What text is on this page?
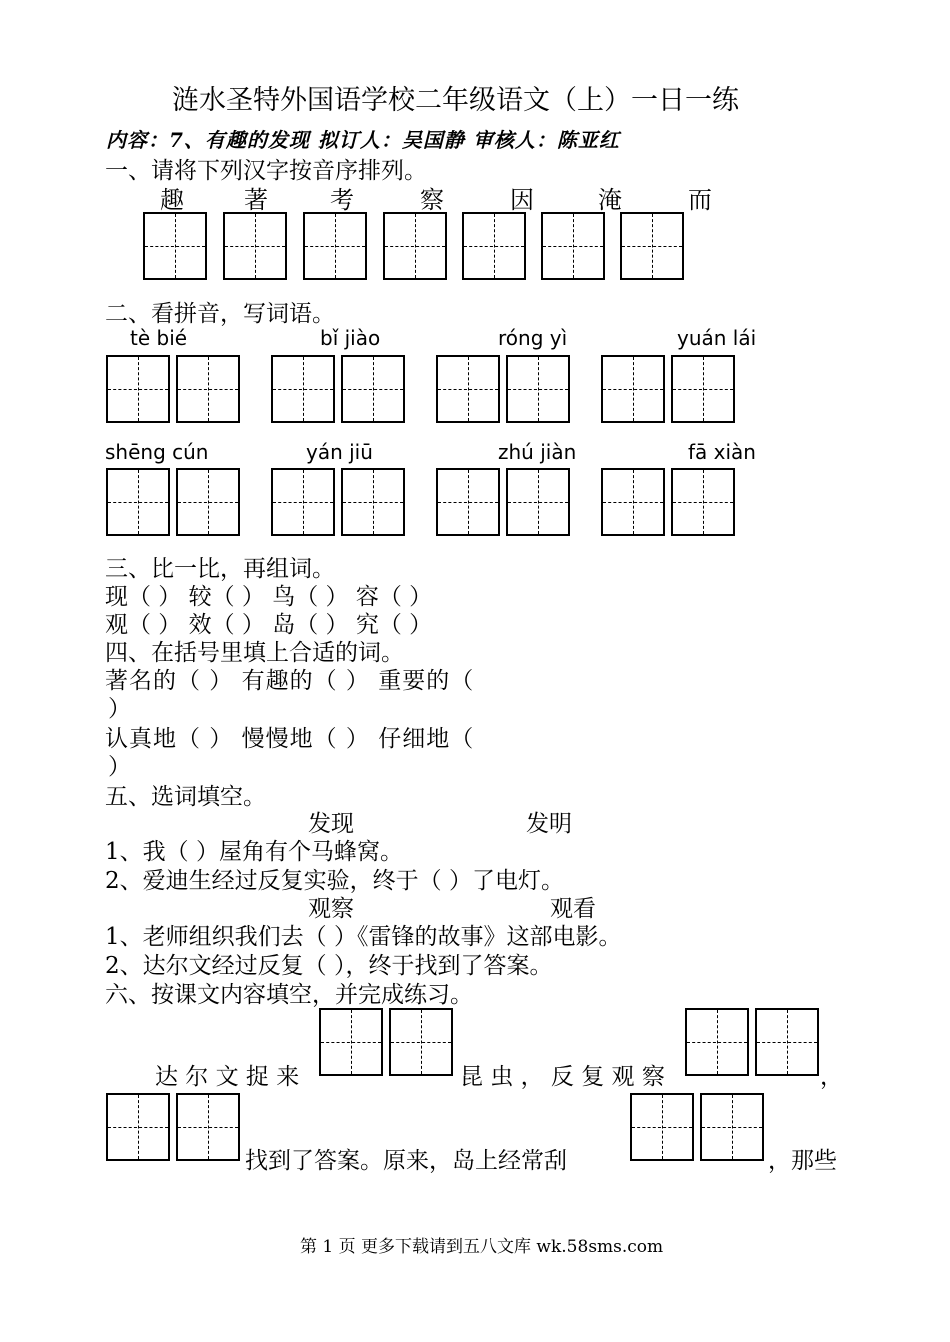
涟水圣特外国语学校二年级语文（上）一日一练
内容：7、有趣的发现 拟订人：吴国静 审核人：陈亚红
一、请将下列汉字按音序排列。
趣	著	考	察	因	淹	而
二、看拼音，写词语。
tè bié	bǐ jiào	róng yì	yuán lái
shēng cún	yán jiū	zhú jiàn	fā xiàn
三、比一比，再组词。
现（ ） 较（ ） 鸟（ ） 容（ ）
观（ ） 效（ ） 岛（ ） 究（ ）
四、在括号里填上合适的词。
著名的（ ） 有趣的（ ） 重要的（
）
认真地（ ） 慢慢地（ ） 仔细地（
）
五、选词填空。
发现	发明
1、我（ ）屋角有个马蜂窝。
2、爱迪生经过反复实验，终于（ ）了电灯。
观察	观看
1、老师组织我们去（ ）《雷锋的故事》这部电影。
2、达尔文经过反复（ ），终于找到了答案。
六、按课文内容填空，并完成练习。
达 尔 文 捉 来	昆 虫 ， 反 复 观 察	，
找到了答案。原来，岛上经常刮	，那些
第 1 页 更多下载请到五八文库 wk.58sms.com
